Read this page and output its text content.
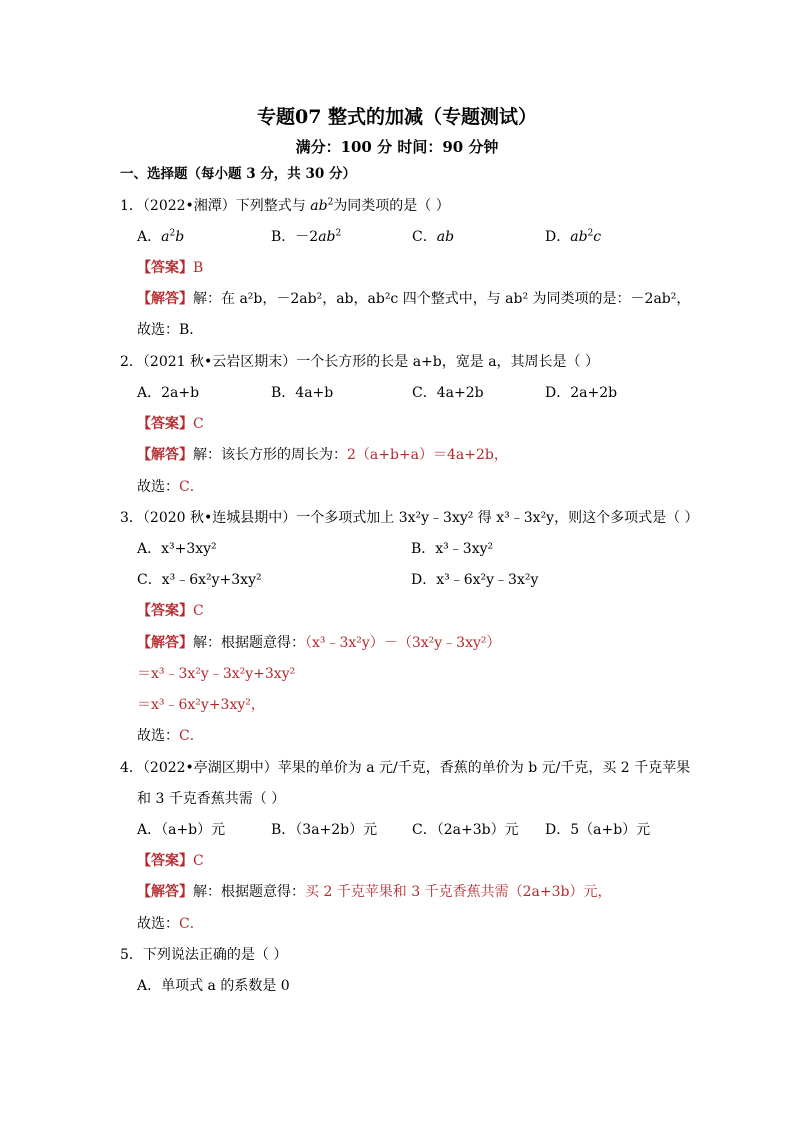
专题07 整式的加减（专题测试）
满分：100 分 时间：90 分钟
一、选择题（每小题 3 分，共 30 分）
1．（2022•湘潭）下列整式与 $ab^2$为同类项的是（ ）
A．$a^2b$	B．$-2ab^2$	C．ab	D．$ab^2c$
【答案】B
【解答】解：在 a²b，－2ab²，ab，ab²c 四个整式中，与 ab² 为同类项的是：－2ab²，
故选：B．
2．（2021 秋•云岩区期末）一个长方形的长是 a+b，宽是 a，其周长是（ ）
A．2a+b	B．4a+b	C．4a+2b	D．2a+2b
【答案】C
【解答】解：该长方形的周长为：2（a+b+a）＝4a+2b，
故选：C．
3．（2020 秋•连城县期中）一个多项式加上 3x²y﹣3xy² 得 x³﹣3x²y，则这个多项式是（ ）
A．x³+3xy²	B．x³﹣3xy²
C．x³﹣6x²y+3xy²	D．x³﹣6x²y﹣3x²y
【答案】C
【解答】解：根据题意得：（x³﹣3x²y）－（3x²y﹣3xy²）
＝x³﹣3x²y﹣3x²y+3xy²
＝x³﹣6x²y+3xy²，
故选：C．
4．（2022•亭湖区期中）苹果的单价为 a 元/千克，香蕉的单价为 b 元/千克，买 2 千克苹果
和 3 千克香蕉共需（ ）
A．（a+b）元	B．（3a+2b）元 C．（2a+3b）元 D．5（a+b）元
【答案】C
【解答】解：根据题意得：买 2 千克苹果和 3 千克香蕉共需（2a+3b）元，
故选：C．
5．下列说法正确的是（ ）
A．单项式 a 的系数是 0
